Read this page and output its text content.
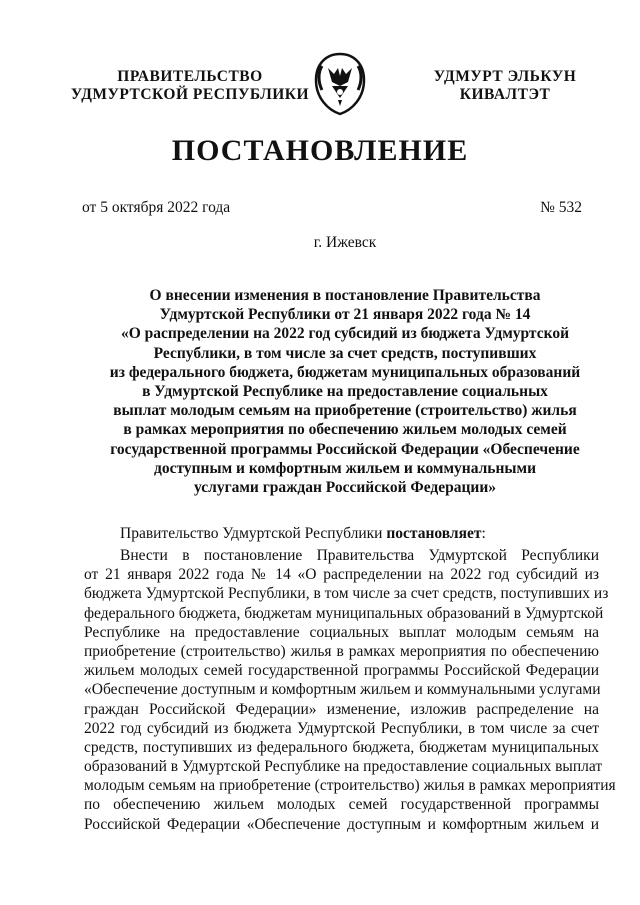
ПРАВИТЕЛЬСТВО
УДМУРТСКОЙ РЕСПУБЛИКИ
УДМУРТ ЭЛЬКУН
КИВАЛТЭТ
ПОСТАНОВЛЕНИЕ
от 5 октября 2022 года	№ 532
г. Ижевск
О внесении изменения в постановление Правительства
Удмуртской Республики от 21 января 2022 года № 14
«О распределении на 2022 год субсидий из бюджета Удмуртской
Республики, в том числе за счет средств, поступивших
из федерального бюджета, бюджетам муниципальных образований
в Удмуртской Республике на предоставление социальных
выплат молодым семьям на приобретение (строительство) жилья
в рамках мероприятия по обеспечению жильем молодых семей
государственной программы Российской Федерации «Обеспечение
доступным и комфортным жильем и коммунальными
услугами граждан Российской Федерации»
Правительство Удмуртской Республики постановляет:
Внести в постановление Правительства Удмуртской Республики
от 21 января 2022 года № 14 «О распределении на 2022 год субсидий из
бюджета Удмуртской Республики, в том числе за счет средств, поступивших из
федерального бюджета, бюджетам муниципальных образований в Удмуртской
Республике на предоставление социальных выплат молодым семьям на
приобретение (строительство) жилья в рамках мероприятия по обеспечению
жильем молодых семей государственной программы Российской Федерации
«Обеспечение доступным и комфортным жильем и коммунальными услугами
граждан Российской Федерации» изменение, изложив распределение на
2022 год субсидий из бюджета Удмуртской Республики, в том числе за счет
средств, поступивших из федерального бюджета, бюджетам муниципальных
образований в Удмуртской Республике на предоставление социальных выплат
молодым семьям на приобретение (строительство) жилья в рамках мероприятия
по обеспечению жильем молодых семей государственной программы
Российской Федерации «Обеспечение доступным и комфортным жильем и
